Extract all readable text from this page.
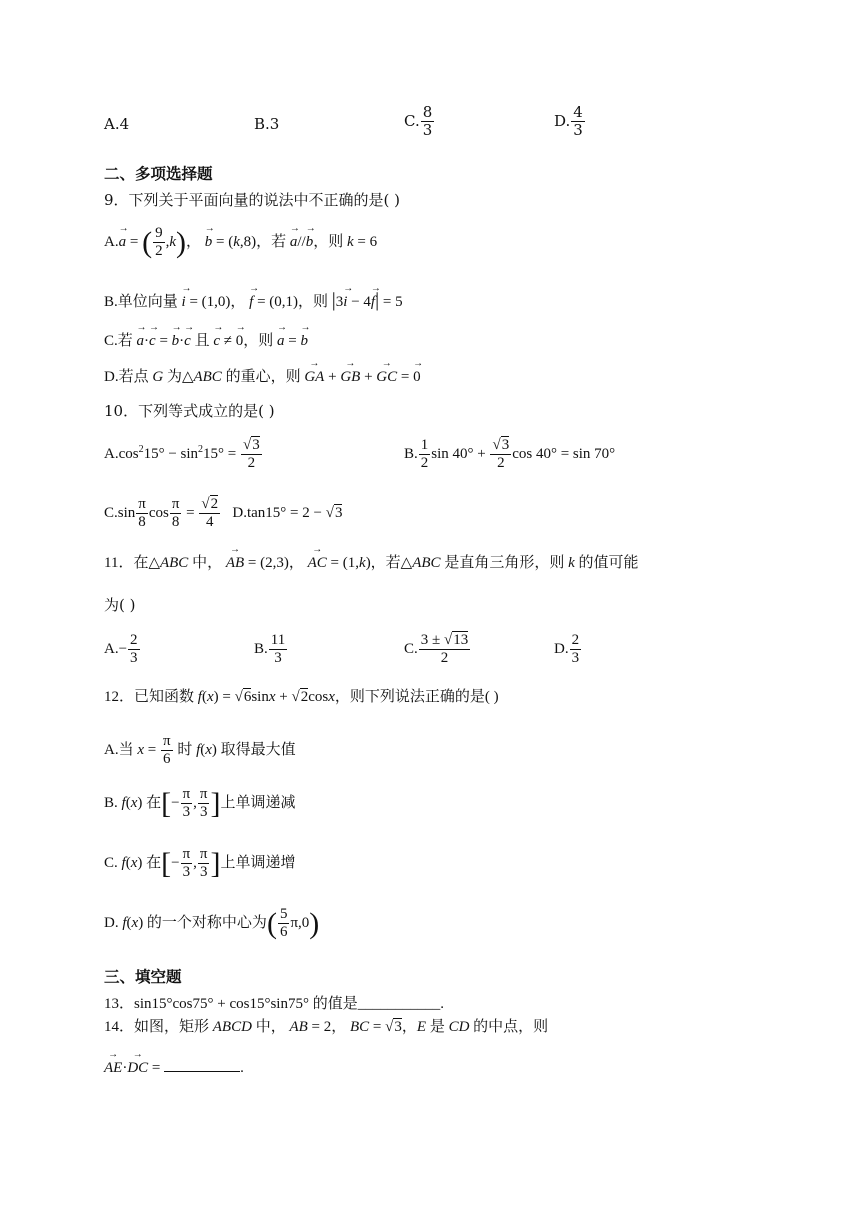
A.4	B.3	C. $\frac{8}{3}$	D. $\frac{4}{3}$
二、多项选择题
9．下列关于平面向量的说法中不正确的是( )
A.→ a = ( $\frac{9}{2} ,k$)， → b = (k,8)，若 → a//→ b，则 k = 6
B.单位向量 → i = (1,0)， → f = (0,1)，则 |3→ i − 4→ f| = 5
C.若 → a·→ c = → b·→ c 且 → c ≠ → 0，则 → a = → b
D.若点 G 为△ABC 的重心，则 → GA + → GB + → GC = → 0
10．下列等式成立的是( )
$A.\cos^215^\circ - \sin^215^\circ = \frac{√3}{2}$	B. $\frac{1}{2}$ $\sin 40^\circ + \frac{√3}{2}$ cos 40° = sin 70°
$C.\sin \frac{\pi}{8}$ $\cos \frac{\pi}{8} = \frac{√2}{4} D.\tan 15^\circ = 2 - √3$
11．在△ABC 中， → AB = (2,3)， → AC = (1,k)，若△ABC 是直角三角形，则 k 的值可能
为( )
$A.- \frac{2}{3}$	B. $\frac{11}{3}$	C. $\frac{3 \pm √13}{2}$	D. $\frac{2}{3}$
12．已知函数 f(x) = √6sinx + √2cosx，则下列说法正确的是( )
A.当 $x = \frac{\pi}{6}$ 时 f(x) 取得最大值
B. f(x) 在[− $\frac{\pi}{3}$ , $\frac{\pi}{3}$ ]上单调递减
C. f(x) 在[− $\frac{\pi}{3}$ , $\frac{\pi}{3}$ ]上单调递增
D. f(x) 的一个对称中心为( $\frac{5}{6} \pi,0$)
三、填空题
13．sin15°cos75° + cos15°sin75° 的值是___________.
14．如图，矩形 ABCD 中， AB = 2， BC = √3，E 是 CD 的中点，则
→ AE·→ DC =	.
